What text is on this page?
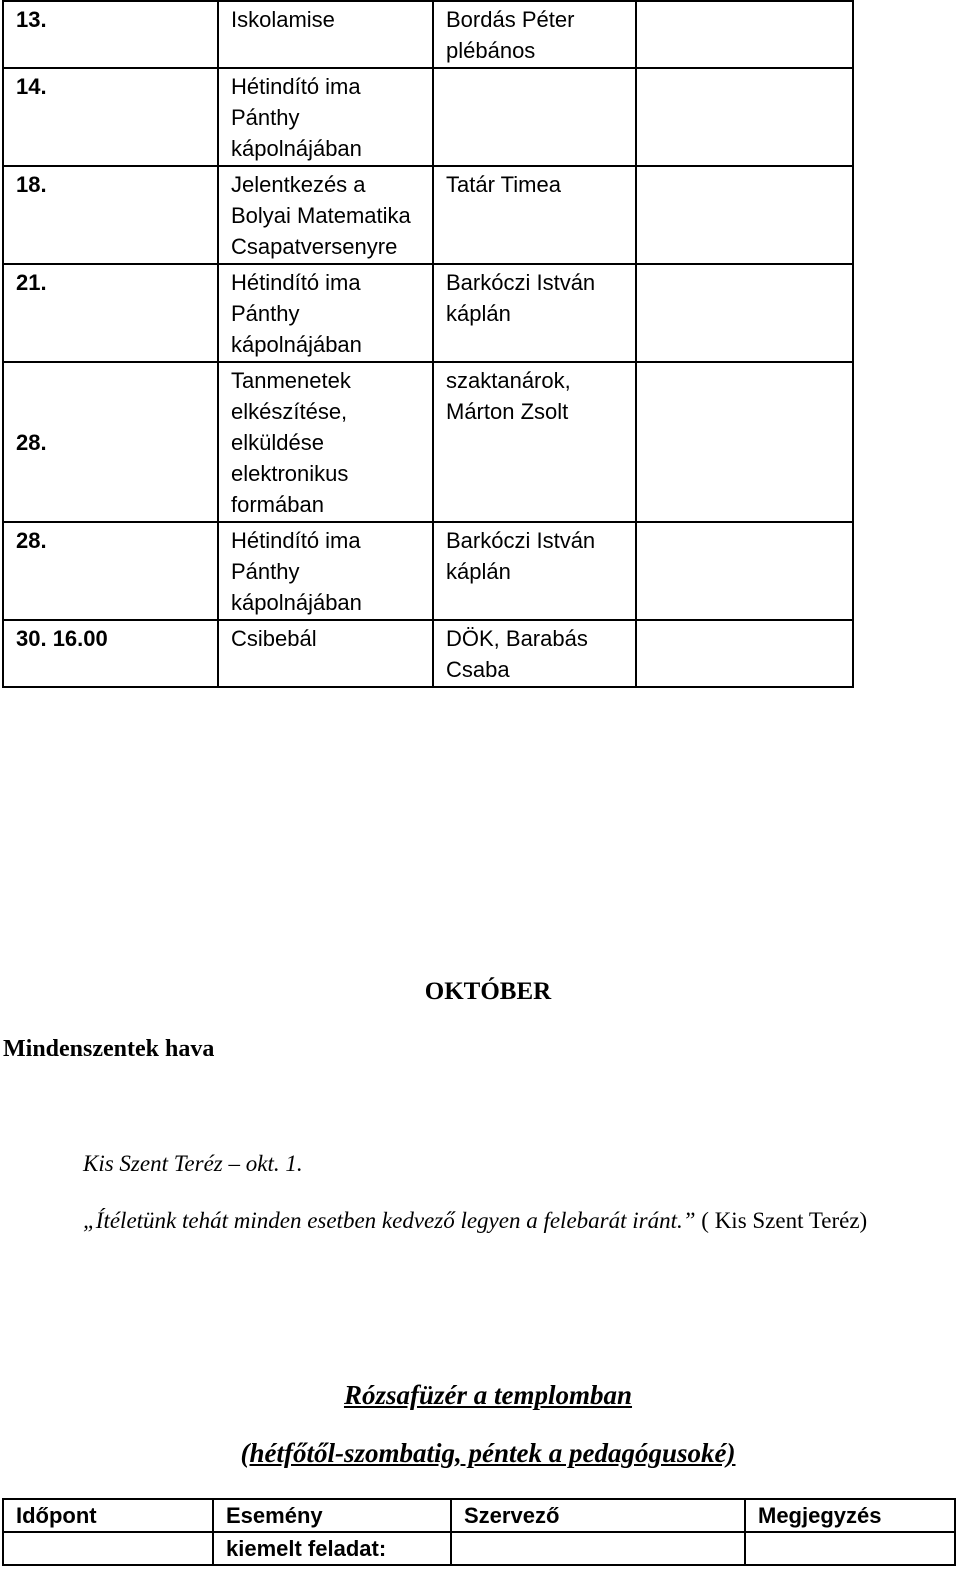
13.	Iskolamise	Bordás Péter plébános	
14.	Hétindító ima Pánthy kápolnájában		
18.	Jelentkezés a Bolyai Matematika Csapatversenyre	Tatár Timea	
21.	Hétindító ima Pánthy kápolnájában	Barkóczi István káplán	
28.	Tanmenetek elkészítése, elküldése elektronikus formában	szaktanárok, Márton Zsolt	
28.	Hétindító ima Pánthy kápolnájában	Barkóczi István káplán	
30. 16.00	Csibebál	DÖK, Barabás Csaba	
OKTÓBER
Mindenszentek hava
Kis Szent Teréz – okt. 1.
„Ítéletünk tehát minden esetben kedvező legyen a felebarát iránt.” ( Kis Szent Teréz)
Rózsafüzér a templomban
(hétfőtől-szombatig, péntek a pedagógusoké)
Időpont	Esemény	Szervező	Megjegyzés
	kiemelt feladat:		
